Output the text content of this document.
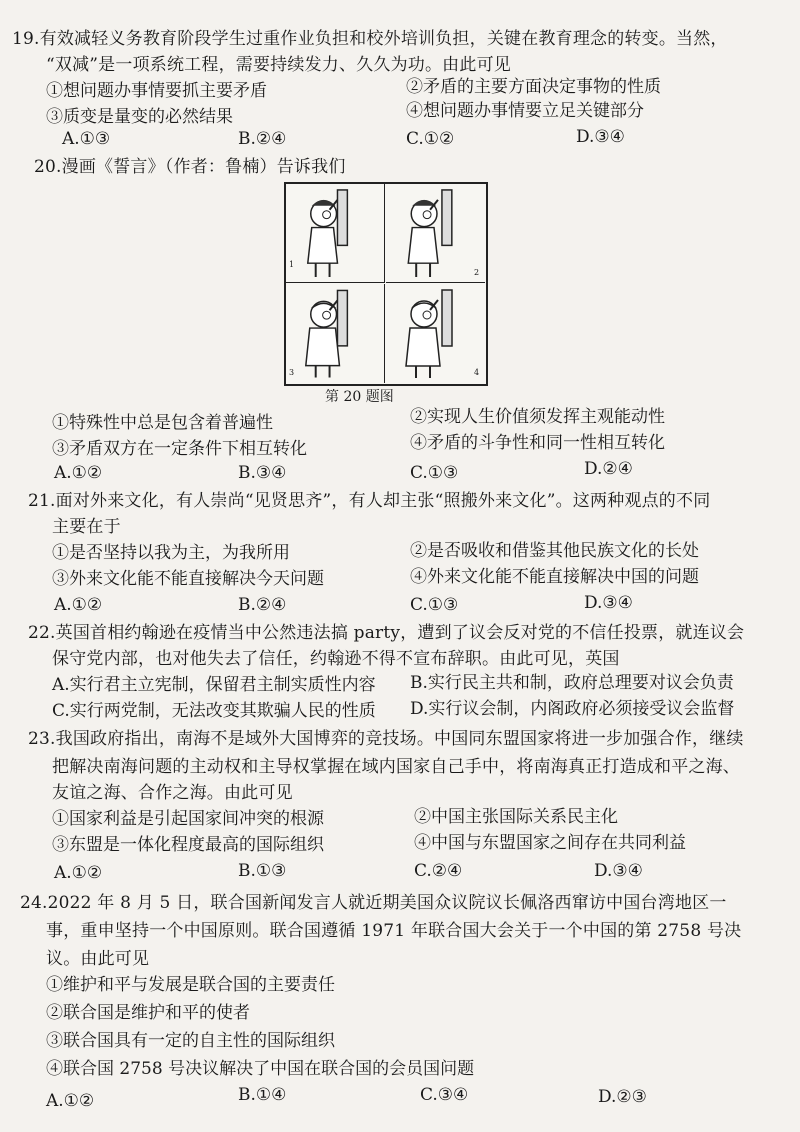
19.有效减轻义务教育阶段学生过重作业负担和校外培训负担，关键在教育理念的转变。当然，
“双减”是一项系统工程，需要持续发力、久久为功。由此可见
①想问题办事情要抓主要矛盾	②矛盾的主要方面决定事物的性质
③质变是量变的必然结果	④想问题办事情要立足关键部分
A.①③	B.②④	C.①②	D.③④
20.漫画《誓言》（作者：鲁楠）告诉我们
1
2
3	4
第 20 题图
①特殊性中总是包含着普遍性	②实现人生价值须发挥主观能动性
③矛盾双方在一定条件下相互转化	④矛盾的斗争性和同一性相互转化
A.①②	B.③④	C.①③	D.②④
21.面对外来文化，有人崇尚“见贤思齐”，有人却主张“照搬外来文化”。这两种观点的不同
主要在于
①是否坚持以我为主，为我所用	②是否吸收和借鉴其他民族文化的长处
③外来文化能不能直接解决今天问题	④外来文化能不能直接解决中国的问题
A.①②	B.②④	C.①③	D.③④
22.英国首相约翰逊在疫情当中公然违法搞 party，遭到了议会反对党的不信任投票，就连议会
保守党内部，也对他失去了信任，约翰逊不得不宣布辞职。由此可见，英国
A.实行君主立宪制，保留君主制实质性内容 B.实行民主共和制，政府总理要对议会负责
C.实行两党制，无法改变其欺骗人民的性质 D.实行议会制，内阁政府必须接受议会监督
23.我国政府指出，南海不是域外大国博弈的竞技场。中国同东盟国家将进一步加强合作，继续
把解决南海问题的主动权和主导权掌握在域内国家自己手中，将南海真正打造成和平之海、
友谊之海、合作之海。由此可见
①国家利益是引起国家间冲突的根源	②中国主张国际关系民主化
③东盟是一体化程度最高的国际组织	④中国与东盟国家之间存在共同利益
A.①②	B.①③	C.②④	D.③④
24.2022 年 8 月 5 日，联合国新闻发言人就近期美国众议院议长佩洛西窜访中国台湾地区一
事，重申坚持一个中国原则。联合国遵循 1971 年联合国大会关于一个中国的第 2758 号决
议。由此可见
①维护和平与发展是联合国的主要责任
②联合国是维护和平的使者
③联合国具有一定的自主性的国际组织
④联合国 2758 号决议解决了中国在联合国的会员国问题
A.①②	B.①④	C.③④	D.②③
